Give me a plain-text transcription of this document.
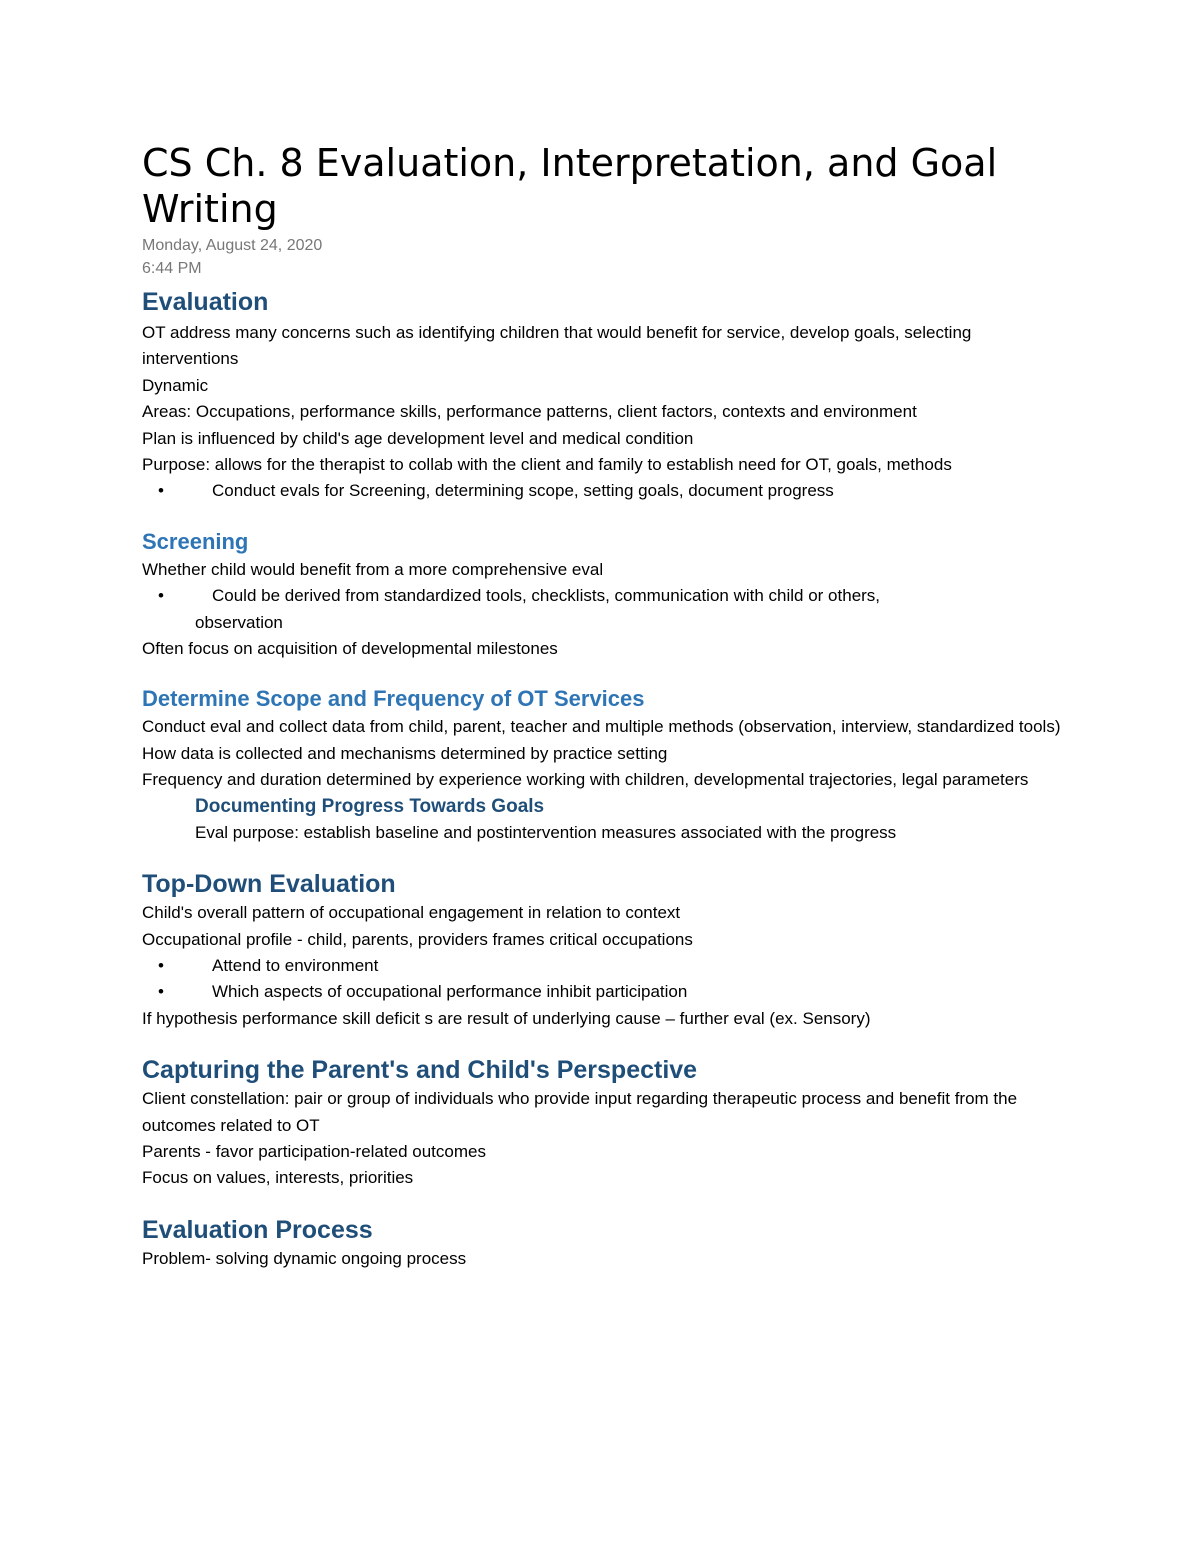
CS Ch. 8 Evaluation, Interpretation, and Goal Writing
Monday, August 24, 2020
6:44 PM
Evaluation

OT address many concerns such as identifying children that would benefit for service, develop goals, selecting interventions

Dynamic

Areas: Occupations, performance skills, performance patterns, client factors, contexts and environment

Plan is influenced by child's age development level and medical condition

Purpose: allows for the therapist to collab with the client and family to establish need for OT, goals, methods

•	Conduct evals for Screening, determining scope, setting goals, document progress
Screening

Whether child would benefit from a more comprehensive eval

•	Could be derived from standardized tools, checklists, communication with child or others,
observation

Often focus on acquisition of developmental milestones

Determine Scope and Frequency of OT Services

Conduct eval and collect data from child, parent, teacher and multiple methods (observation, interview, standardized tools)

How data is collected and mechanisms determined by practice setting

Frequency and duration determined by experience working with children, developmental trajectories, legal parameters

Documenting Progress Towards Goals

Eval purpose: establish baseline and postintervention measures associated with the progress

Top-Down Evaluation

Child's overall pattern of occupational engagement in relation to context

Occupational profile - child, parents, providers frames critical occupations

•	Attend to environment
•	Which aspects of occupational performance inhibit participation

If hypothesis performance skill deficit s are result of underlying cause – further eval (ex. Sensory)

Capturing the Parent's and Child's Perspective

Client constellation: pair or group of individuals who provide input regarding therapeutic process and benefit from the outcomes related to OT

Parents - favor participation-related outcomes

Focus on values, interests, priorities

Evaluation Process

Problem- solving dynamic ongoing process
